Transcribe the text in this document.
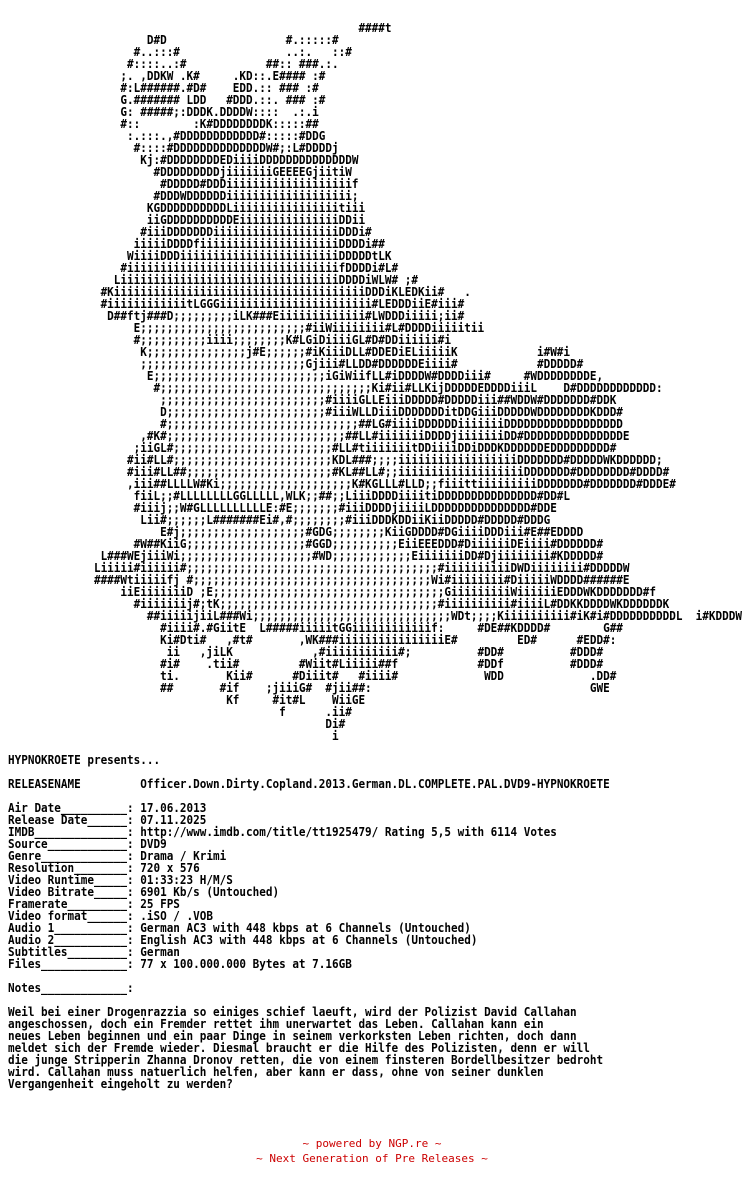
####t
D#D                  #.:::::#
#..:::#                ..:.   ::#
#::::..:#            ##:: ###.:.
;. ,DDKW .K#     .KD::.E#### :#
#:L######.#D#    EDD.:: ### :#
G.####### LDD   #DDD.::. ### :#
G: #####;:DDDK.DDDDW::::  .:.i
#::        :K#DDDDDDDDK:::::##
:.:::.,#DDDDDDDDDDDD#:::::#DDG
#::::#DDDDDDDDDDDDDDW#;:L#DDDDj
Kj:#DDDDDDDDEDiiiiDDDDDDDDDDDDDDW
#DDDDDDDDDjiiiiiiiGEEEEGjiitiW
#DDDDD#DDDiiiiiiiiiiiiiiiiiiif
#DDDWDDDDDDiiiiiiiiiiiiiiiiiii;
KGDDDDDDDDDDLiiiiiiiiiiiiiiiitiii
iiGDDDDDDDDDDEiiiiiiiiiiiiiiiDDii
#iiiDDDDDDDiiiiiiiiiiiiiiiiiiiDDDi#
iiiiiDDDDfiiiiiiiiiiiiiiiiiiiiiDDDDi##
WiiiiDDDiiiiiiiiiiiiiiiiiiiiiiiiDDDDDtLK
#iiiiiiiiiiiiiiiiiiiiiiiiiiiiiiiifDDDDi#L#
LiiiiiiiiiiiiiiiiiiiiiiiiiiiiiiiiiDDDDiWLW# ;#
#KiiiiiiiiiiiiiiiiiiiiiiiiiiiiiiiiiiiiiiDDDiKLEDKii#   .
#iiiiiiiiiiiitLGGGiiiiiiiiiiiiiiiiiiiiiii#LEDDDiiE#iii#
D##ftj###D;;;;;;;;;iLK###Eiiiiiiiiiiiii#LWDDDiiiii;ii#
E;;;;;;;;;;;;;;;;;;;;;;;;;#iiWiiiiiiii#L#DDDDiiiiitii
#;;;;;;;;;;iiii;;;;;;;;K#LGiDiiiiGL#D#DDiiiiii#i
K;;;;;;;;;;;;;;;j#E;;;;;;#iKiiiDLL#DDEDiELiiiiiK            i#W#i
;;;;;;;;;;;;;;;;;;;;;;;;;Gjiii#LLDD#DDDDDDEiiii#            #DDDDD#
E;;;;;;;;;;;;;;;;;;;;;;;;;;iGiWiifLL#iDDDDW#DDDDiii#     #WDDDDDDDDE,
#;;;;;;;;;;;;;;;;;;;;;;;;;;;;;;;;Ki#ii#LLKijDDDDDEDDDDiiiL    D#DDDDDDDDDDDD:
;;;;;;;;;;;;;;;;;;;;;;;;;#iiiiGLLEiiiDDDDD#DDDDDiii##WDDW#DDDDDDD#DDK
D;;;;;;;;;;;;;;;;;;;;;;;;#iiiWLLDiiiDDDDDDDitDDGiiiDDDDDWDDDDDDDDKDDD#
#;;;;;;;;;;;;;;;;;;;;;;;;;;;;;##LG#iiiiDDDDDDiiiiiiiDDDDDDDDDDDDDDDDDD
,#K#;;;;;;;;;;;;;;;;;;;;;;;;;;;##LL#iiiiiiiDDDDjiiiiiiiDD#DDDDDDDDDDDDDDDE
;iiGL#;;;;;;;;;;;;;;;;;;;;;;;;#LL#tiiiiiiitDDiiiiDDiDDDKDDDDDDEDDDDDDDDD#
#ii#LL#;;;;;;;;;;;;;;;;;;;;;;;;KDL###;;;;iiiiiiiiiiiiiiiiiiDDDDDDD#DDDDDWKDDDDDD;
#iii#LL##;;;;;;;;;;;;;;;;;;;;;;#KL##LL#;;iiiiiiiiiiiiiiiiiiiDDDDDDD#DDDDDDDD#DDDD#
,iii##LLLLW#Ki;;;;;;;;;;;;;;;;;;;;K#KGLLL#LLD;;fiiittiiiiiiiiiDDDDDDD#DDDDDDD#DDDE#
fiiL;;#LLLLLLLLGGLLLLL,WLK;;##;;LiiiDDDDiiiitiDDDDDDDDDDDDDDD#DD#L
#iiij;;W#GLLLLLLLLLLE:#E;;;;;;;#iiiDDDDjiiiiLDDDDDDDDDDDDDDD#DDE
Lii#;;;;;;L#######Ei#,#;;;;;;;;#iiiDDDKDDiiKiiDDDDD#DDDDD#DDDG
E#j;;;;;;;;;;;;;;;;;;;#GDG;;;;;;;;KiiGDDDD#DGiiiiDDDiii#E##EDDDD
#W##KiiG;;;;;;;;;;;;;;;;;;#GGD;;;;;;;;;;EiiEEEDDD#DiiiiiiDEiiii#DDDDDD#
L###WEjiiiWi;;;;;;;;;;;;;;;;;;;;#WD;;;;;;;;;;;;EiiiiiiiDD#Djiiiiiiii#KDDDDD#
Liiiii#iiiiii#;;;;;;;;;;;;;;;;;;;;;;;;;;;;;;;;;;;;;;#iiiiiiiiiiDWDiiiiiiii#DDDDDW
####Wtiiiiifj #;;;;;;;;;;;;;;;;;;;;;;;;;;;;;;;;;;;;Wi#iiiiiiii#DiiiiiWDDDD######E
iiEiiiiiiiD ;E;;;;;;;;;;;;;;;;;;;;;;;;;;;;;;;;;;;GiiiiiiiiiWiiiiiiEDDDWKDDDDDDD#f
#iiiiiiij#;tK;;;;;;;;;;;;;;;;;;;;;;;;;;;;;;;;;#iiiiiiiiii#iiiiL#DDKKDDDDWKDDDDDDK
##iiiiijiiL###Wi;;;;;;;;;;;;;;;;;;;;;;;;;;;;;;WDt;;;;Kiiiiiiiiii#iK#i#DDDDDDDDDDL  i#KDDDW
#iiii#.#GiitE  L#####iiiiitGGiiiiiiiiiiiif:     #DE##KDDDD#        G##
Ki#Dti#   ,#t#       ,WK###iiiiiiiiiiiiiiiiE#         ED#      #EDD#:
ii   ,jiLK            ,#iiiiiiiiiii#;          #DD#          #DDD#
#i#    .tii#         #Wiit#Liiiii##f            #DDf          #DDD#
ti.       Kii#      #Diiit#   #iiii#             WDD             .DD#
##       #if    ;jiiiG#  #jii##:                                 GWE
Kf     #it#L    WiiGE
f      .ii#
Di#
i

HYPNOKROETE presents...

RELEASENAME	Officer.Down.Dirty.Copland.2013.German.DL.COMPLETE.PAL.DVD9-HYPNOKROETE

Air Date__________: 17.06.2013
Release Date______: 07.11.2025
IMDB______________: http://www.imdb.com/title/tt1925479/ Rating 5,5 with 6114 Votes
Source____________: DVD9
Genre_____________: Drama / Krimi
Resolution________: 720 x 576
Video Runtime_____: 01:33:23 H/M/S
Video Bitrate_____: 6901 Kb/s (Untouched)
Framerate_________: 25 FPS
Video format______: .iSO / .VOB
Audio 1___________: German AC3 with 448 kbps at 6 Channels (Untouched)
Audio 2___________: English AC3 with 448 kbps at 6 Channels (Untouched)
Subtitles_________: German
Files_____________: 77 x 100.000.000 Bytes at 7.16GB

Notes_____________:

Weil bei einer Drogenrazzia so einiges schief laeuft, wird der Polizist David Callahan
angeschossen, doch ein Fremder rettet ihm unerwartet das Leben. Callahan kann ein
neues Leben beginnen und ein paar Dinge in seinem verkorksten Leben richten, doch dann
meldet sich der Fremde wieder. Diesmal braucht er die Hilfe des Polizisten, denn er will
die junge Stripperin Zhanna Dronov retten, die von einem finsteren Bordellbesitzer bedroht
wird. Callahan muss natuerlich helfen, aber kann er dass, ohne von seiner dunklen
Vergangenheit eingeholt zu werden?
~ powered by NGP.re ~
~ Next Generation of Pre Releases ~
